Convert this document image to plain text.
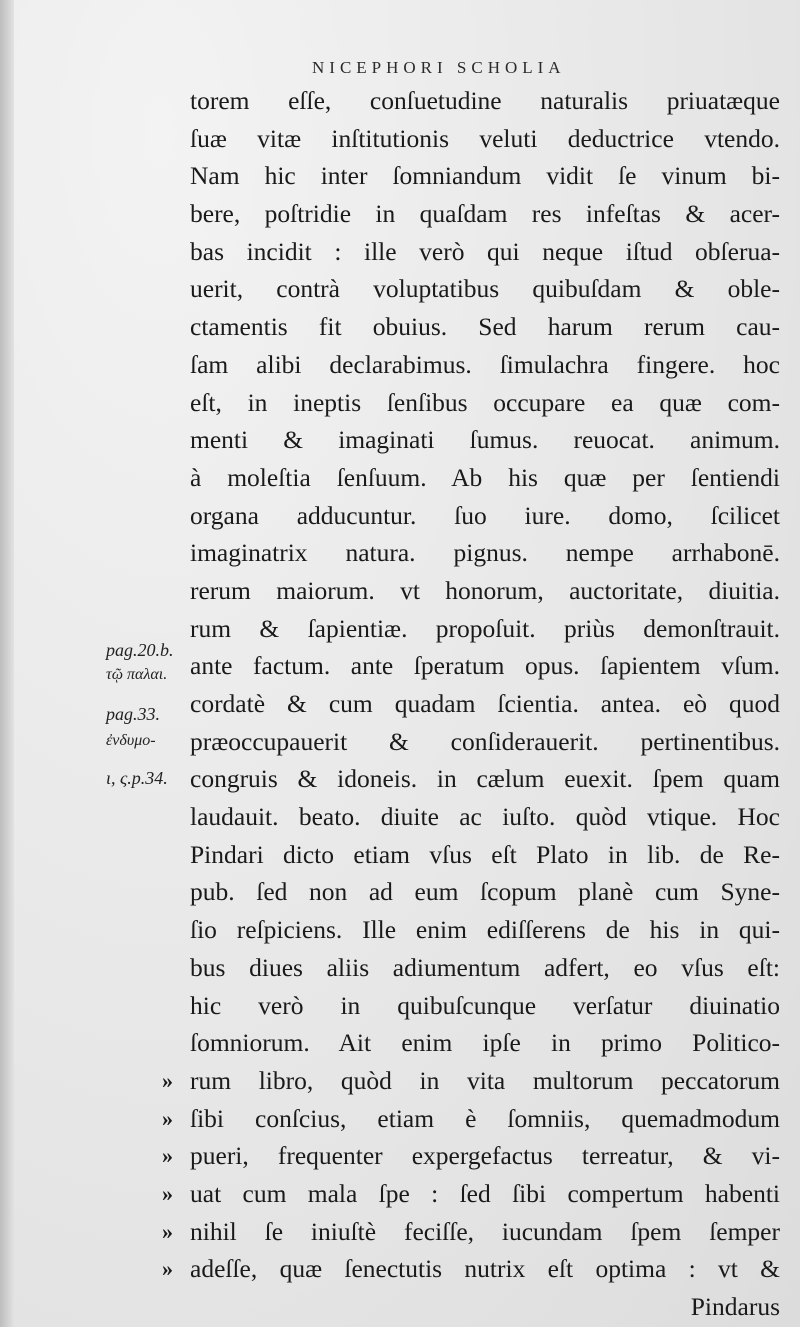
NICEPHORI SCHOLIA
pag.20.b.
τῷ παλαι.
pag.33.
ἐνδυμο-
ι, ς.p.34.
torem eſſe, conſuetudine naturalis priuatæque
ſuæ vitæ inſtitutionis veluti deductrice vtendo.
Nam hic inter ſomniandum vidit ſe vinum bi-
bere, poſtridie in quaſdam res infeſtas & acer-
bas incidit : ille verò qui neque iſtud obſerua-
uerit, contrà voluptatibus quibuſdam & oble-
ctamentis fit obuius. Sed harum rerum cau-
ſam alibi declarabimus. ſimulachra fingere. hoc
eſt, in ineptis ſenſibus occupare ea quæ com-
menti & imaginati ſumus. reuocat. animum.
à moleſtia ſenſuum. Ab his quæ per ſentiendi
organa adducuntur. ſuo iure. domo, ſcilicet
imaginatrix natura. pignus. nempe arrhabonē.
rerum maiorum. vt honorum, auctoritate, diuitia.
rum & ſapientiæ. propoſuit. priùs demonſtrauit.
ante factum. ante ſperatum opus. ſapientem vſum.
cordatè & cum quadam ſcientia. antea. eò quod
præoccupauerit & conſiderauerit. pertinentibus.
congruis & idoneis. in cælum euexit. ſpem quam
laudauit. beato. diuite ac iuſto. quòd vtique. Hoc
Pindari dicto etiam vſus eſt Plato in lib. de Re-
pub. ſed non ad eum ſcopum planè cum Syne-
ſio reſpiciens. Ille enim ediſſerens de his in qui-
bus diues aliis adiumentum adfert, eo vſus eſt:
hic verò in quibuſcunque verſatur diuinatio
ſomniorum. Ait enim ipſe in primo Politico-
» rum libro, quòd in vita multorum peccatorum
» ſibi conſcius, etiam è ſomniis, quemadmodum
» pueri, frequenter expergefactus terreatur, & vi-
» uat cum mala ſpe : ſed ſibi compertum habenti
» nihil ſe iniuſtè feciſſe, iucundam ſpem ſemper
» adeſſe, quæ ſenectutis nutrix eſt optima : vt &
Pindarus
